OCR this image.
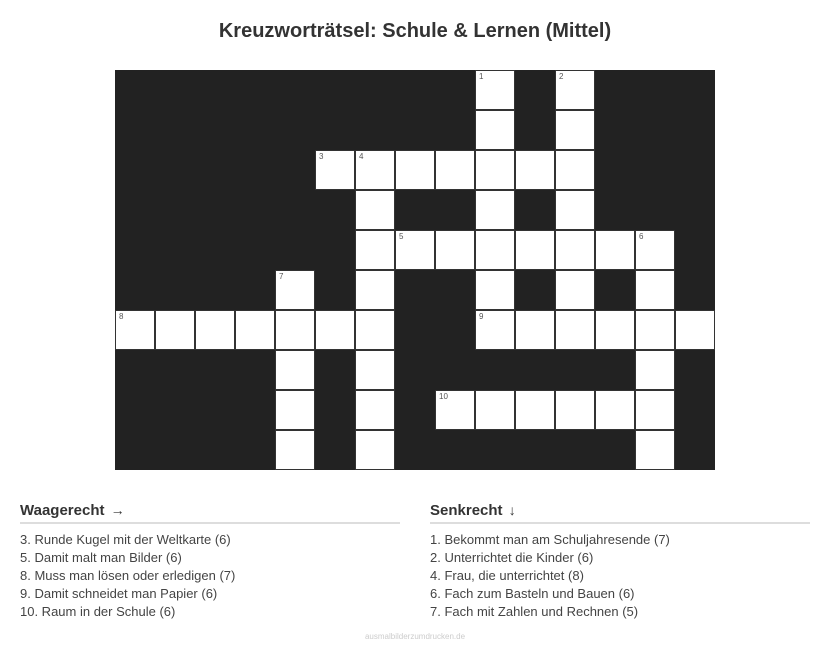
Kreuzworträtsel: Schule & Lernen (Mittel)
1	2
3	4
5	6
7
8	9
10
Waagerecht →
3. Runde Kugel mit der Weltkarte (6)
5. Damit malt man Bilder (6)
8. Muss man lösen oder erledigen (7)
9. Damit schneidet man Papier (6)
10. Raum in der Schule (6)
Senkrecht ↓
1. Bekommt man am Schuljahresende (7)
2. Unterrichtet die Kinder (6)
4. Frau, die unterrichtet (8)
6. Fach zum Basteln und Bauen (6)
7. Fach mit Zahlen und Rechnen (5)
ausmalbilderzumdrucken.de
